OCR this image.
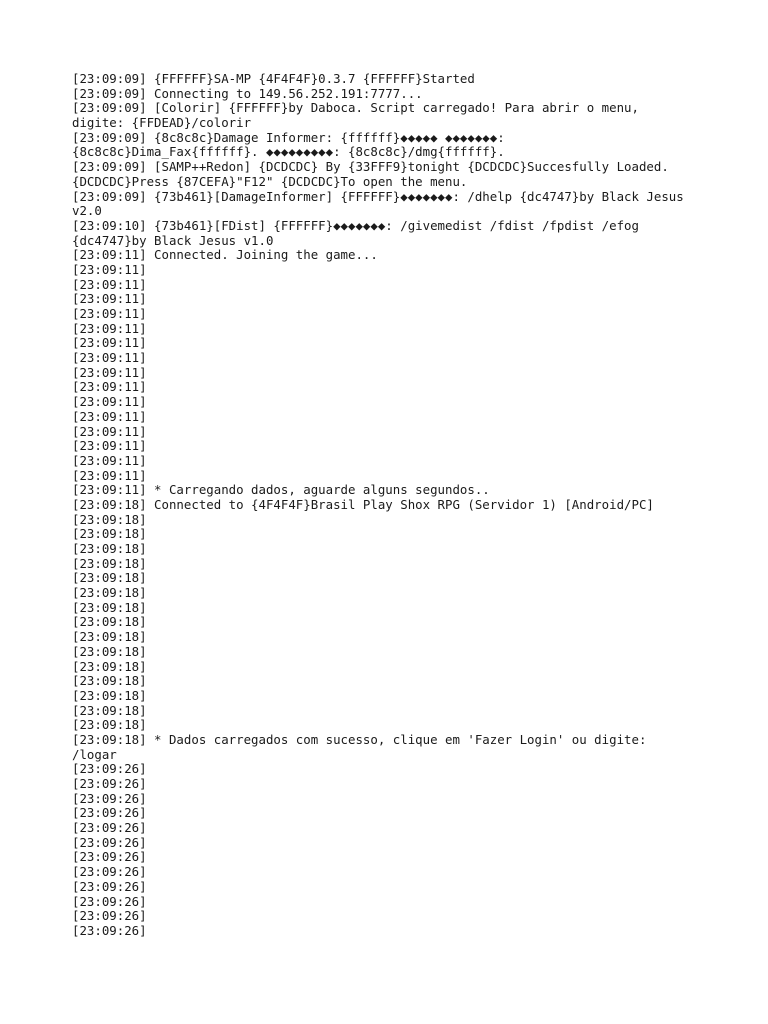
[23:09:09] {FFFFFF}SA-MP {4F4F4F}0.3.7 {FFFFFF}Started
[23:09:09] Connecting to 149.56.252.191:7777...
[23:09:09] [Colorir] {FFFFFF}by Daboca. Script carregado! Para abrir o menu,
digite: {FFDEAD}/colorir
[23:09:09] {8c8c8c}Damage Informer: {ffffff}◆◆◆◆◆ ◆◆◆◆◆◆◆:
{8c8c8c}Dima_Fax{ffffff}. ◆◆◆◆◆◆◆◆◆: {8c8c8c}/dmg{ffffff}.
[23:09:09] [SAMP++Redon] {DCDCDC} By {33FFF9}tonight {DCDCDC}Succesfully Loaded.
{DCDCDC}Press {87CEFA}"F12" {DCDCDC}To open the menu.
[23:09:09] {73b461}[DamageInformer] {FFFFFF}◆◆◆◆◆◆◆: /dhelp {dc4747}by Black Jesus
v2.0
[23:09:10] {73b461}[FDist] {FFFFFF}◆◆◆◆◆◆◆: /givemedist /fdist /fpdist /efog
{dc4747}by Black Jesus v1.0
[23:09:11] Connected. Joining the game...
[23:09:11]
[23:09:11]
[23:09:11]
[23:09:11]
[23:09:11]
[23:09:11]
[23:09:11]
[23:09:11]
[23:09:11]
[23:09:11]
[23:09:11]
[23:09:11]
[23:09:11]
[23:09:11]
[23:09:11]
[23:09:11] * Carregando dados, aguarde alguns segundos..
[23:09:18] Connected to {4F4F4F}Brasil Play Shox RPG (Servidor 1) [Android/PC]
[23:09:18]
[23:09:18]
[23:09:18]
[23:09:18]
[23:09:18]
[23:09:18]
[23:09:18]
[23:09:18]
[23:09:18]
[23:09:18]
[23:09:18]
[23:09:18]
[23:09:18]
[23:09:18]
[23:09:18]
[23:09:18] * Dados carregados com sucesso, clique em 'Fazer Login' ou digite:
/logar
[23:09:26]
[23:09:26]
[23:09:26]
[23:09:26]
[23:09:26]
[23:09:26]
[23:09:26]
[23:09:26]
[23:09:26]
[23:09:26]
[23:09:26]
[23:09:26]
